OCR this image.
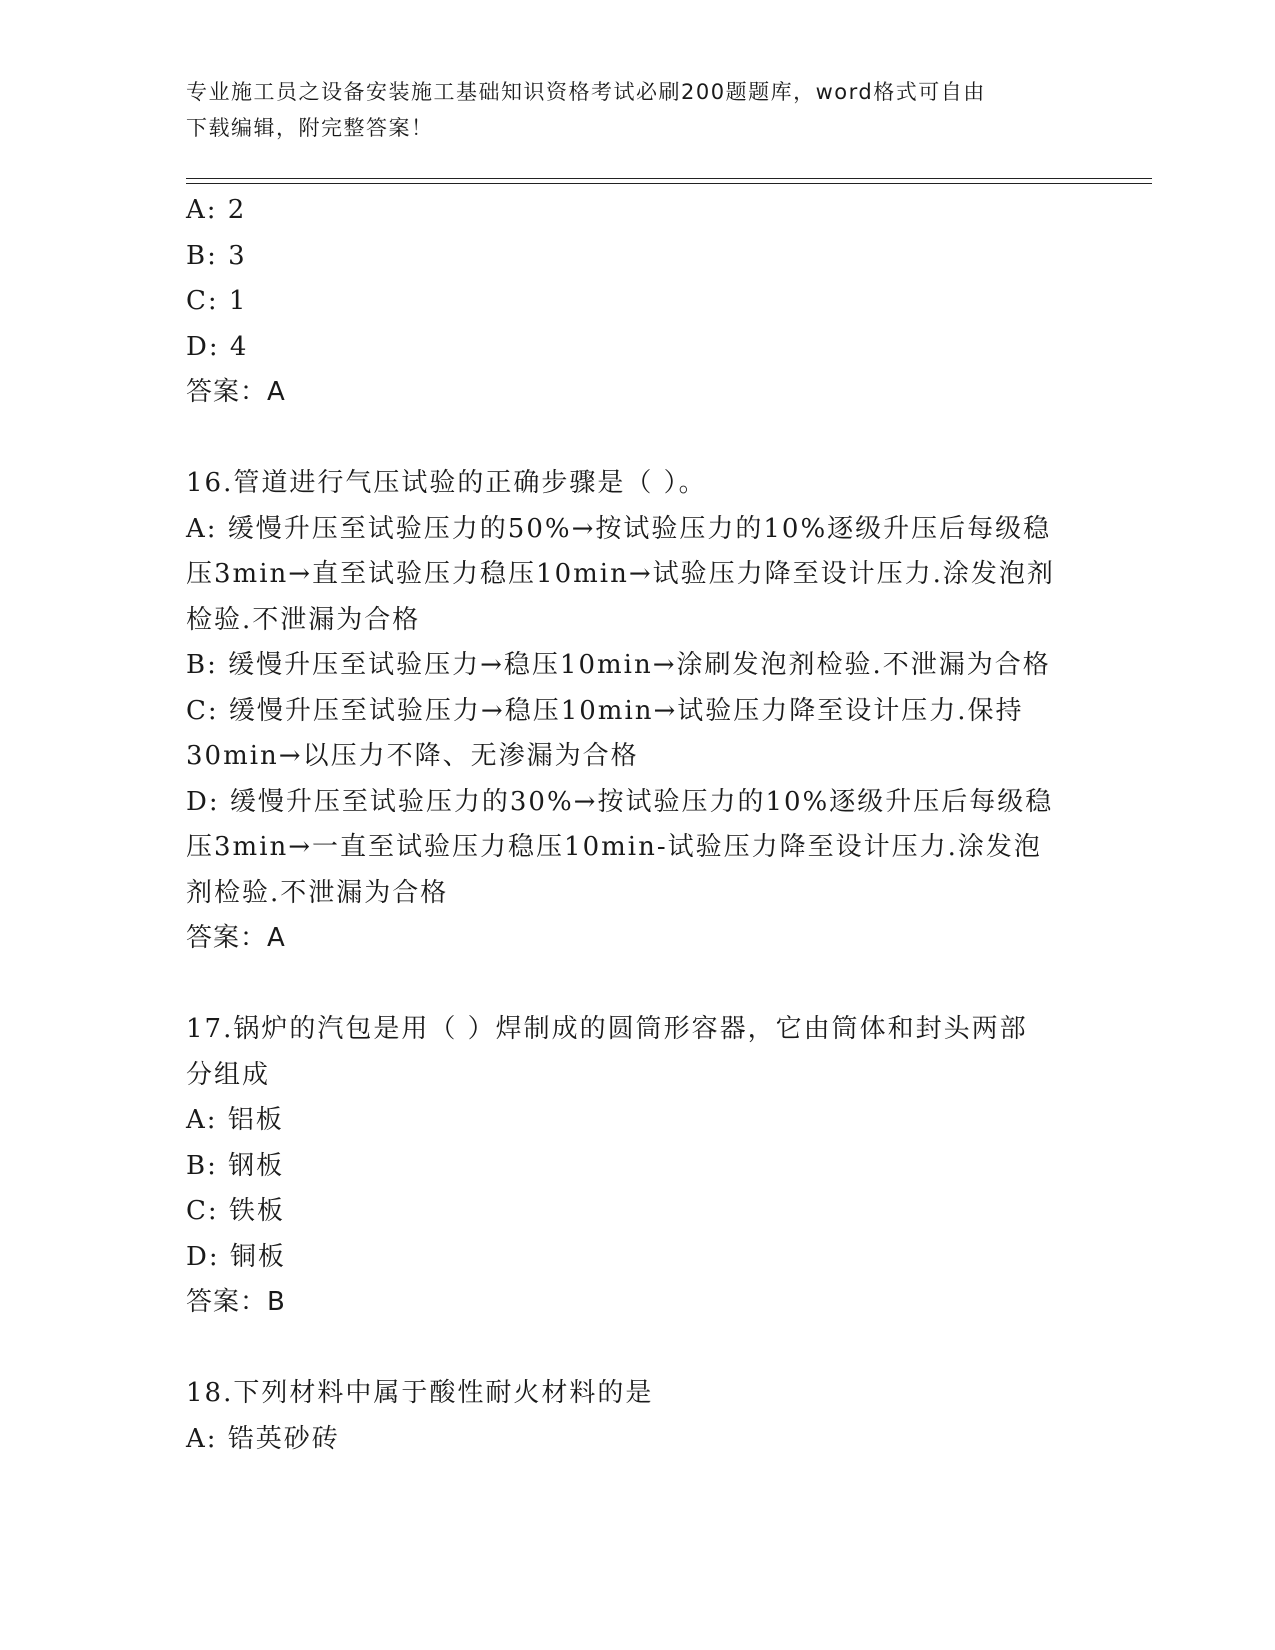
专业施工员之设备安装施工基础知识资格考试必刷200题题库，word格式可自由
下载编辑，附完整答案！
A: 2
B: 3
C: 1
D: 4
答案：A
16.管道进行气压试验的正确步骤是（ ）。
A: 缓慢升压至试验压力的50%→按试验压力的10%逐级升压后每级稳
压3min→直至试验压力稳压10min→试验压力降至设计压力.涂发泡剂
检验.不泄漏为合格
B: 缓慢升压至试验压力→稳压10min→涂刷发泡剂检验.不泄漏为合格
C: 缓慢升压至试验压力→稳压10min→试验压力降至设计压力.保持
30min→以压力不降、无渗漏为合格
D: 缓慢升压至试验压力的30%→按试验压力的10%逐级升压后每级稳
压3min→一直至试验压力稳压10min-试验压力降至设计压力.涂发泡
剂检验.不泄漏为合格
答案：A
17.锅炉的汽包是用（ ）焊制成的圆筒形容器，它由筒体和封头两部
分组成
A: 铝板
B: 钢板
C: 铁板
D: 铜板
答案：B
18.下列材料中属于酸性耐火材料的是
A: 锆英砂砖
